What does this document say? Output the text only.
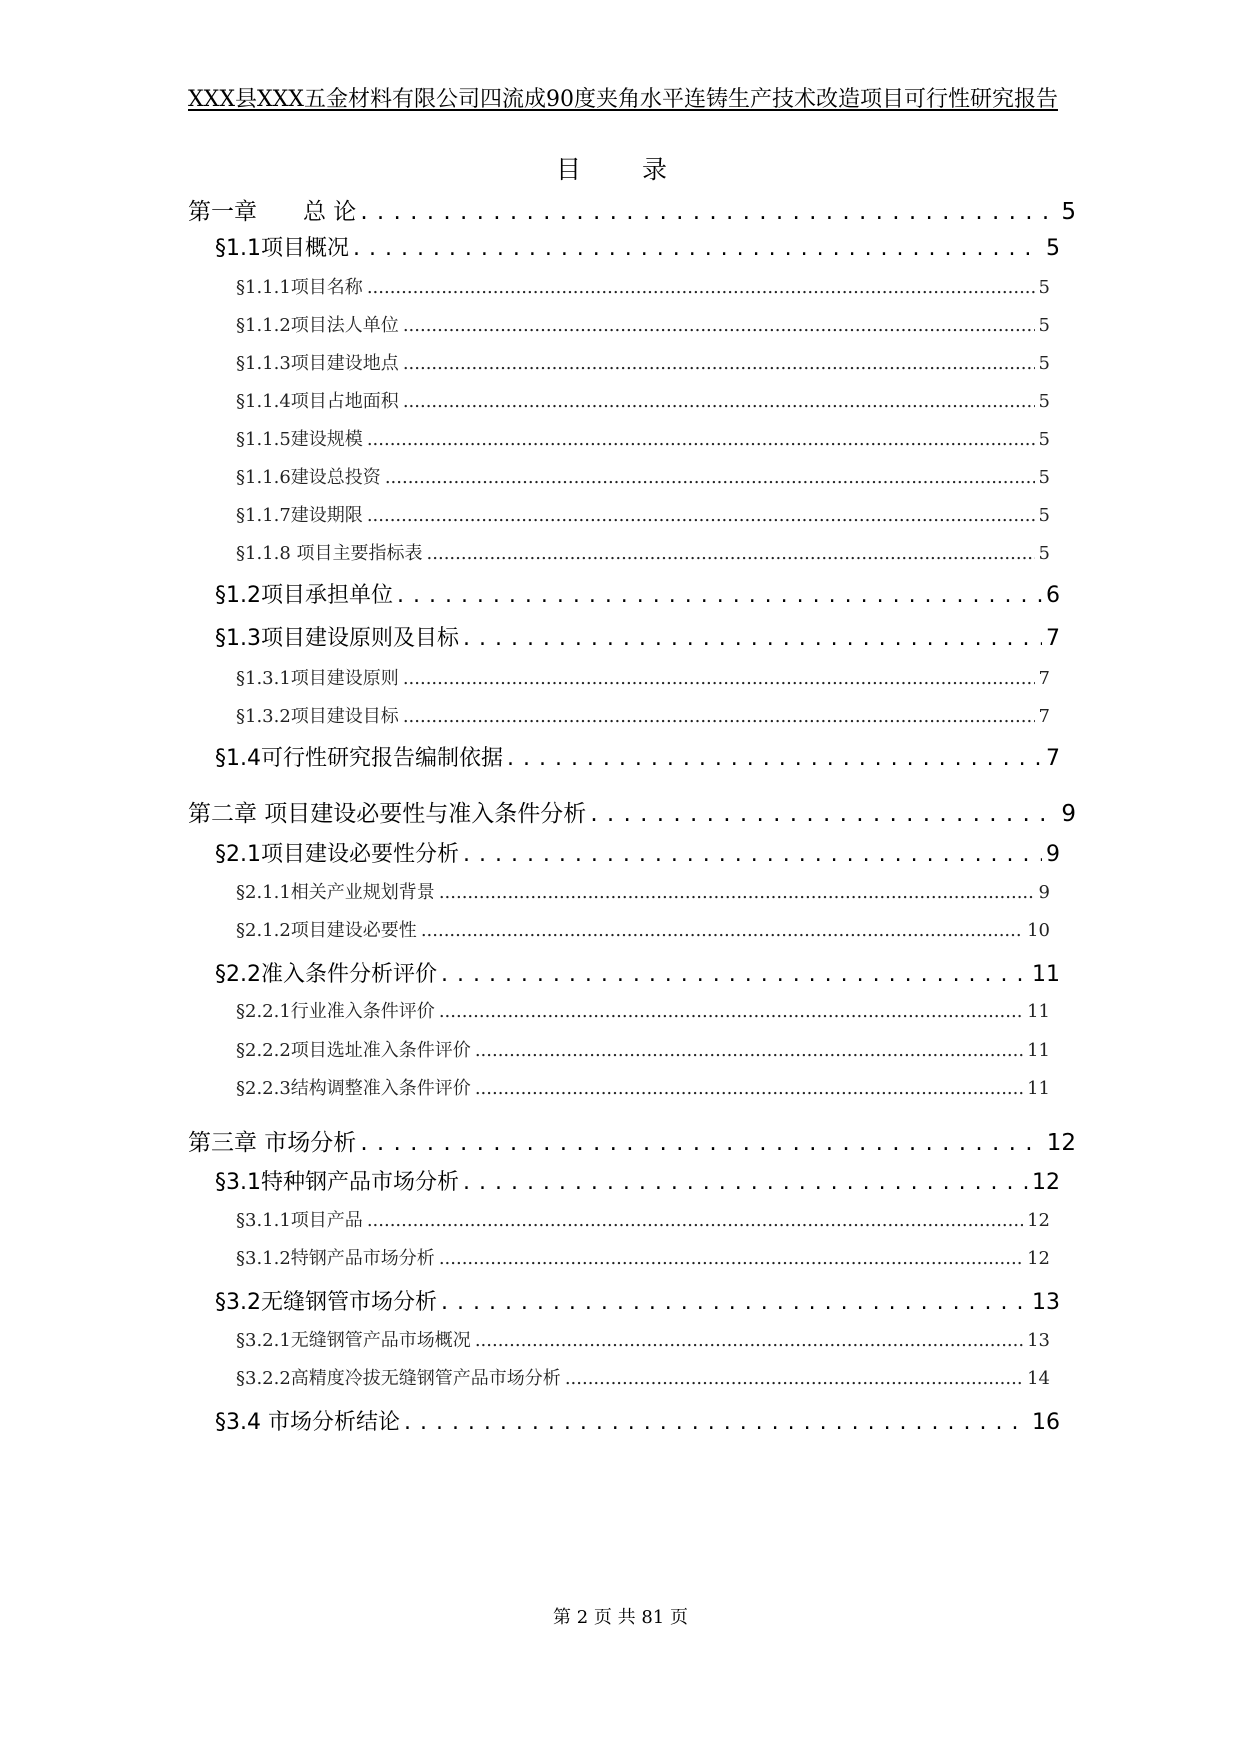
XXX县XXX五金材料有限公司四流成90度夹角水平连铸生产技术改造项目可行性研究报告
目　录
第一章　　总 论 . . .	5
§1.1项目概况 . . .	5
§1.1.1项目名称 .....	5
§1.1.2项目法人单位 .....	5
§1.1.3项目建设地点 .....	5
§1.1.4项目占地面积 .....	5
§1.1.5建设规模 .....	5
§1.1.6建设总投资 .....	5
§1.1.7建设期限 .....	5
§1.1.8 项目主要指标表 .....	5
§1.2项目承担单位 . . .	6
§1.3项目建设原则及目标 . . .	7
§1.3.1项目建设原则 .....	7
§1.3.2项目建设目标 .....	7
§1.4可行性研究报告编制依据 . . .	7
第二章 项目建设必要性与准入条件分析 . . .	9
§2.1项目建设必要性分析 . . .	9
§2.1.1相关产业规划背景 .....	9
§2.1.2项目建设必要性 .....	10
§2.2准入条件分析评价 . . .	11
§2.2.1行业准入条件评价 .....	11
§2.2.2项目选址准入条件评价 .....	11
§2.2.3结构调整准入条件评价 .....	11
第三章 市场分析 . . .	12
§3.1特种钢产品市场分析 . . .	12
§3.1.1项目产品 .....	12
§3.1.2特钢产品市场分析 .....	12
§3.2无缝钢管市场分析 . . .	13
§3.2.1无缝钢管产品市场概况 .....	13
§3.2.2高精度冷拔无缝钢管产品市场分析 .....	14
§3.4 市场分析结论 . . .	16
第 2 页 共 81 页
